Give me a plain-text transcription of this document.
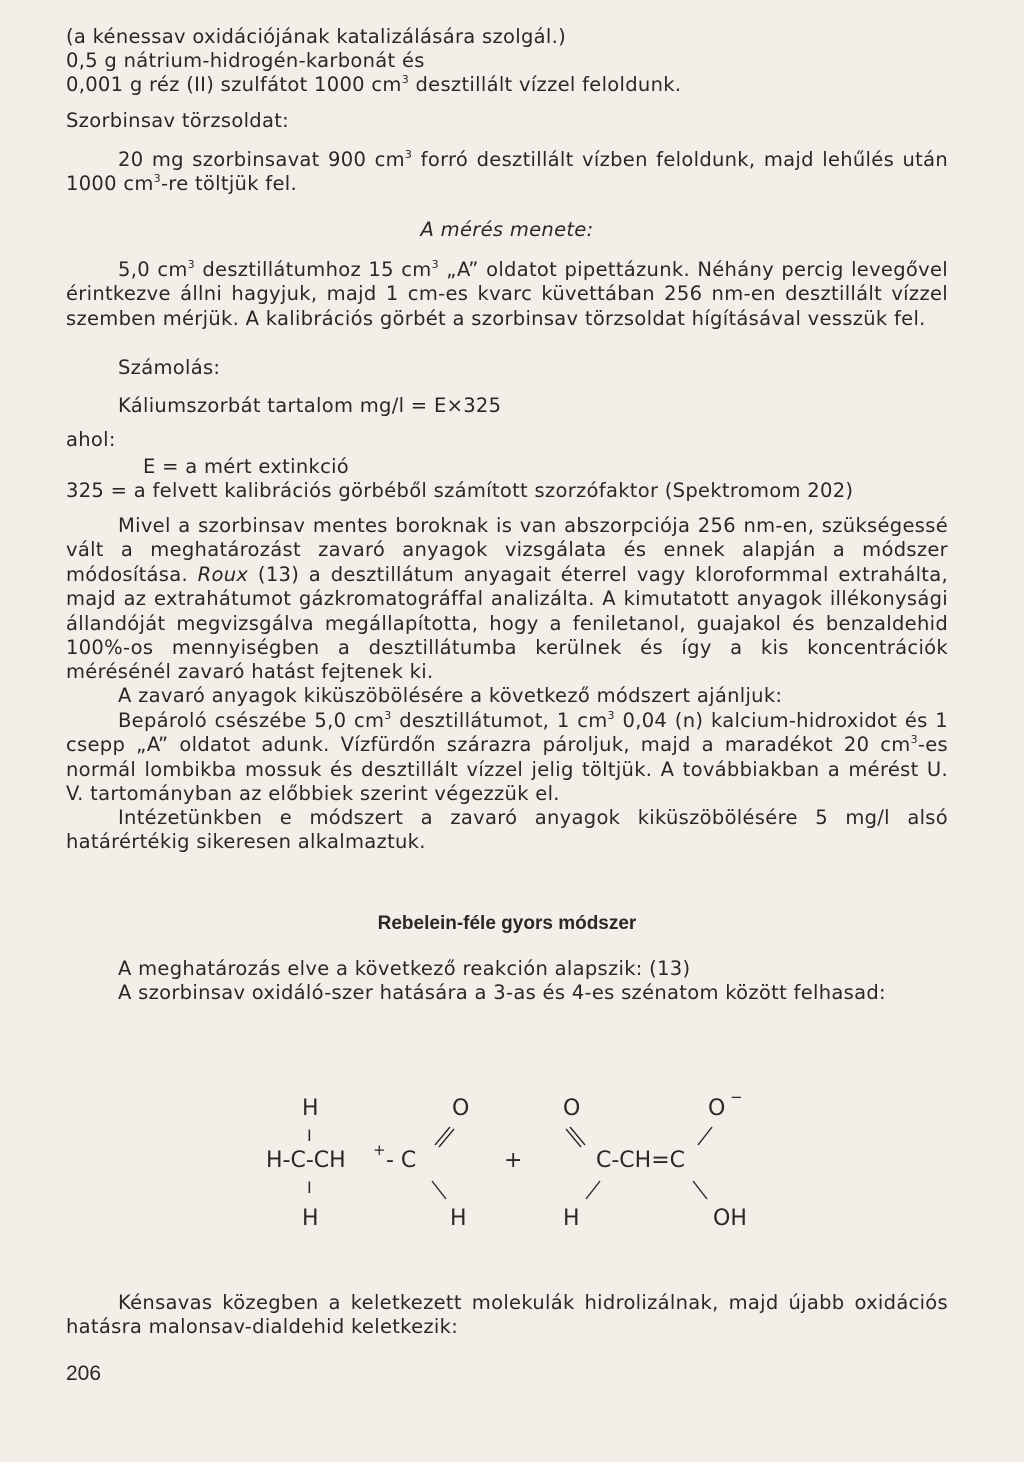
(a kénessav oxidációjának katalizálására szolgál.)
0,5 g nátrium-hidrogén-karbonát és
0,001 g réz (II) szulfátot 1000 $cm^3$ desztillált vízzel feloldunk.
Szorbinsav törzsoldat:
20 mg szorbinsavat 900 $cm^3$ forró desztillált vízben feloldunk, majd lehűlés után 1000 $cm^3-re$ töltjük fel.
A mérés menete:
5,0 $cm^3$ desztillátumhoz 15 $cm^3$ „A” oldatot pipettázunk. Néhány percig levegővel érintkezve állni hagyjuk, majd 1 cm-es kvarc küvettában 256 nm-en desztillált vízzel szemben mérjük. A kalibrációs görbét a szorbinsav törzsoldat hígításával vesszük fel.
Számolás:
Káliumszorbát tartalom mg/l = E×325
ahol:
E = a mért extinkció
325 = a felvett kalibrációs görbéből számított szorzófaktor (Spektromom 202)
Mivel a szorbinsav mentes boroknak is van abszorpciója 256 nm-en, szükségessé vált a meghatározást zavaró anyagok vizsgálata és ennek alapján a módszer módosítása. Roux (13) a desztillátum anyagait éterrel vagy kloroformmal extrahálta, majd az extrahátumot gázkromatográffal analizálta. A kimutatott anyagok illékonysági állandóját megvizsgálva megállapította, hogy a feniletanol, guajakol és benzaldehid 100%-os mennyiségben a desztillátumba kerülnek és így a kis koncentrációk mérésénél zavaró hatást fejtenek ki.
A zavaró anyagok kiküszöbölésére a következő módszert ajánljuk:
Bepároló csészébe 5,0 $cm^3$ desztillátumot, 1 $cm^3$ 0,04 (n) kalcium-hidroxidot és 1 csepp „A” oldatot adunk. Vízfürdőn szárazra pároljuk, majd a maradékot 20 $cm^3-es$ normál lombikba mossuk és desztillált vízzel jelig töltjük. A továbbiakban a mérést U. V. tartományban az előbbiek szerint végezzük el.
Intézetünkben e módszert a zavaró anyagok kiküszöbölésére 5 mg/l alsó határértékig sikeresen alkalmaztuk.
Rebelein-féle gyors módszer
A meghatározás elve a következő reakción alapszik: (13)
A szorbinsav oxidáló-szer hatására a 3-as és 4-es szénatom között felhasad:
H	O	O	O −
I
H-C-CH + - C	+	C-CH=C
I
H	H	H	OH
Kénsavas közegben a keletkezett molekulák hidrolizálnak, majd újabb oxidációs hatásra malonsav-dialdehid keletkezik:
206
